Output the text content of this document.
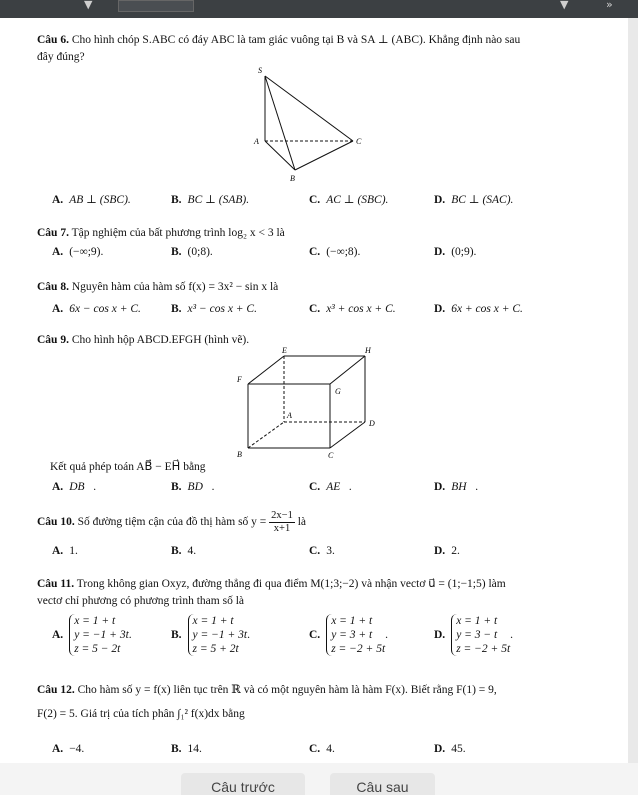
▼	▼	»
Câu 6. Cho hình chóp S.ABC có đáy ABC là tam giác vuông tại B và SA ⊥ (ABC). Khẳng định nào sau
đây đúng?
S
A
B
C
A. AB ⊥ (SBC).	B. BC ⊥ (SAB).	C. AC ⊥ (SBC).	D. BC ⊥ (SAC).
Câu 7. Tập nghiệm của bất phương trình log₂ x < 3 là
A. (−∞;9).	B. (0;8).	C. (−∞;8).	D. (0;9).
Câu 8. Nguyên hàm của hàm số f(x) = 3x² − sin x là
A. 6x − cos x + C.	B. x³ − cos x + C.	C. x³ + cos x + C.	D. 6x + cos x + C.
Câu 9. Cho hình hộp ABCD.EFGH (hình vẽ).
E	H
F
G
A
D
B	C
Kết quả phép toán AB⃗ − EH⃗ bằng
A. DB⃗.	B. BD⃗.	C. AE⃗.	D. BH⃗.
Câu 10. Số đường tiệm cận của đồ thị hàm số $y = \frac{2x-1}{x+1}$ là
A. 1.	B. 4.	C. 3.	D. 2.
Câu 11. Trong không gian Oxyz, đường thẳng đi qua điểm M(1;3;−2) và nhận vectơ u⃗ = (1;−1;5) làm
vectơ chỉ phương có phương trình tham số là
A.
x = 1 + t
y = −1 + 3t
z = 5 − 2t
.	B.
x = 1 + t
y = −1 + 3t
z = 5 + 2t
.	C.
x = 1 + t
y = 3 + t
z = −2 + 5t
.	D.
x = 1 + t
y = 3 − t
z = −2 + 5t
.
Câu 12. Cho hàm số y = f(x) liên tục trên ℝ và có một nguyên hàm là hàm F(x). Biết rằng F(1) = 9,
F(2) = 5. Giá trị của tích phân ∫₁² f(x)dx bằng
A. −4.	B. 14.	C. 4.	D. 45.
Câu trước	Câu sau
